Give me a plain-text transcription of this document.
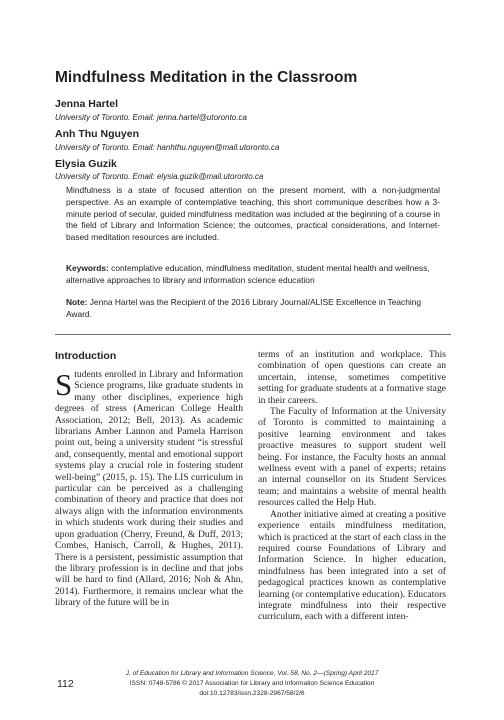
Mindfulness Meditation in the Classroom

Jenna Hartel

University of Toronto. Email: jenna.hartel@utoronto.ca

Anh Thu Nguyen

University of Toronto. Email: hanhthu.nguyen@mail.utoronto.ca

Elysia Guzik

University of Toronto. Email: elysia.guzik@mail.utoronto.ca

Mindfulness is a state of focused attention on the present moment, with a non-judgmental perspective. As an example of contemplative teaching, this short communique describes how a 3-minute period of secular, guided mindfulness meditation was included at the beginning of a course in the field of Library and Information Science; the outcomes, practical considerations, and Internet-based meditation resources are included.

Keywords: contemplative education, mindfulness meditation, student mental health and wellness, alternative approaches to library and information science education

Note: Jenna Hartel was the Recipient of the 2016 Library Journal/ALISE Excellence in Teaching Award.

Introduction
Students enrolled in Library and Information Science programs, like graduate students in many other disciplines, experience high degrees of stress (American College Health Association, 2012; Bell, 2013). As academic librarians Amber Lannon and Pamela Harrison point out, being a university student “is stressful and, consequently, mental and emotional support systems play a crucial role in fostering student well-being” (2015, p. 15). The LIS curriculum in particular can be perceived as a challenging combination of theory and practice that does not always align with the information environments in which students work during their studies and upon graduation (Cherry, Freund, & Duff, 2013; Combes, Hanisch, Carroll, & Hughes, 2011). There is a persistent, pessimistic assumption that the library profession is in decline and that jobs will be hard to find (Allard, 2016; Noh & Ahn, 2014). Furthermore, it remains unclear what the library of the future will be in

terms of an institution and workplace. This combination of open questions can create an uncertain, intense, sometimes competitive setting for graduate students at a formative stage in their careers.

The Faculty of Information at the University of Toronto is committed to maintaining a positive learning environment and takes proactive measures to support student well being. For instance, the Faculty hosts an annual wellness event with a panel of experts; retains an internal counsellor on its Student Services team; and maintains a website of mental health resources called the Help Hub.

Another initiative aimed at creating a positive experience entails mindfulness meditation, which is practiced at the start of each class in the required course Foundations of Library and Information Science. In higher education, mindfulness has been integrated into a set of pedagogical practices known as contemplative learning (or contemplative education). Educators integrate mindfulness into their respective curriculum, each with a different inten-

112

J. of Education for Library and Information Science, Vol. 58, No. 2—(Spring) April 2017

ISSN: 0748-5786 © 2017 Association for Library and Information Science Education

doi:10.12783/issn.2328-2967/58/2/6
